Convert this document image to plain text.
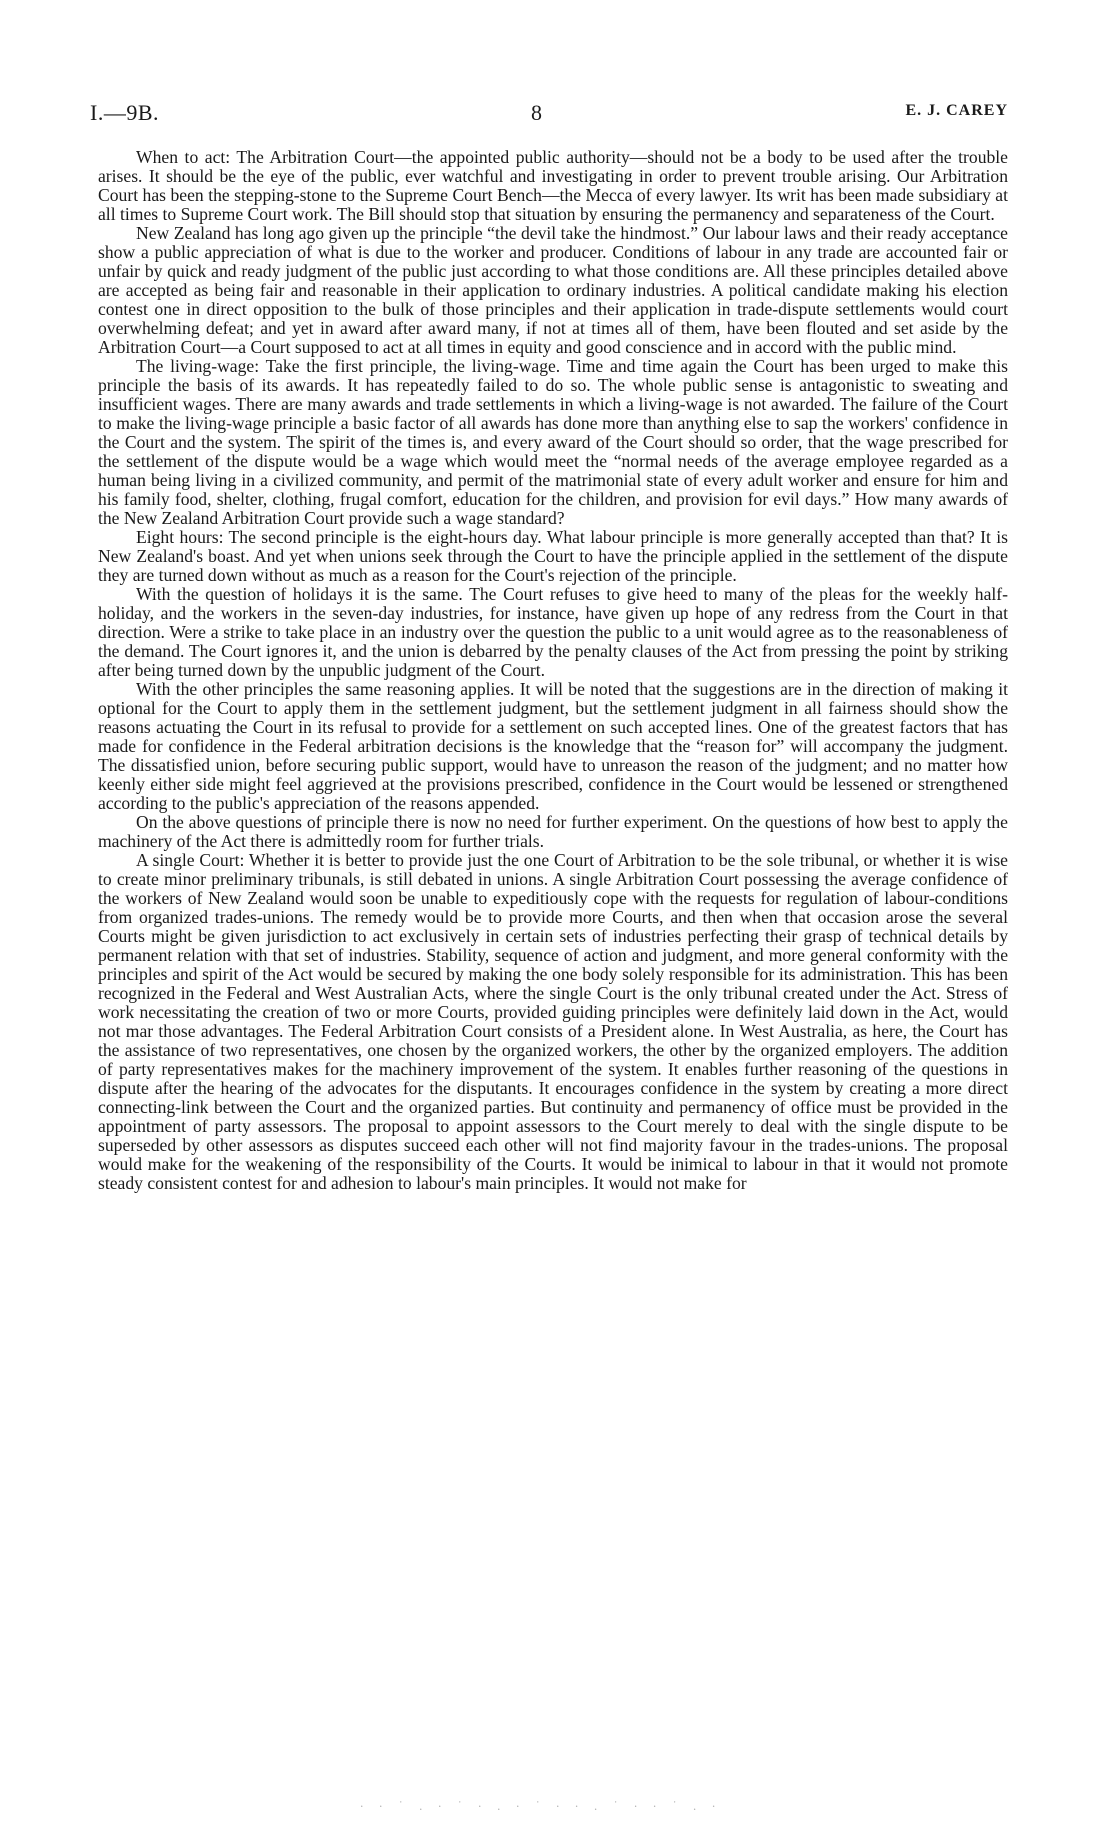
I.—9B.	8	E. J. CAREY

When to act: The Arbitration Court—the appointed public authority—should not be a body to be used after the trouble arises. It should be the eye of the public, ever watchful and investigating in order to prevent trouble arising. Our Arbitration Court has been the stepping-stone to the Supreme Court Bench—the Mecca of every lawyer. Its writ has been made subsidiary at all times to Supreme Court work. The Bill should stop that situation by ensuring the permanency and separateness of the Court.

New Zealand has long ago given up the principle “the devil take the hindmost.” Our labour laws and their ready acceptance show a public appreciation of what is due to the worker and producer. Conditions of labour in any trade are accounted fair or unfair by quick and ready judgment of the public just according to what those conditions are. All these principles detailed above are accepted as being fair and reasonable in their application to ordinary industries. A political candidate making his election contest one in direct opposition to the bulk of those principles and their application in trade-dispute settlements would court overwhelming defeat; and yet in award after award many, if not at times all of them, have been flouted and set aside by the Arbitration Court—a Court supposed to act at all times in equity and good conscience and in accord with the public mind.

The living-wage: Take the first principle, the living-wage. Time and time again the Court has been urged to make this principle the basis of its awards. It has repeatedly failed to do so. The whole public sense is antagonistic to sweating and insufficient wages. There are many awards and trade settlements in which a living-wage is not awarded. The failure of the Court to make the living-wage principle a basic factor of all awards has done more than anything else to sap the workers' confidence in the Court and the system. The spirit of the times is, and every award of the Court should so order, that the wage prescribed for the settlement of the dispute would be a wage which would meet the “normal needs of the average employee regarded as a human being living in a civilized community, and permit of the matrimonial state of every adult worker and ensure for him and his family food, shelter, clothing, frugal comfort, education for the children, and provision for evil days.” How many awards of the New Zealand Arbitration Court provide such a wage standard?

Eight hours: The second principle is the eight-hours day. What labour principle is more generally accepted than that? It is New Zealand's boast. And yet when unions seek through the Court to have the principle applied in the settlement of the dispute they are turned down without as much as a reason for the Court's rejection of the principle.

With the question of holidays it is the same. The Court refuses to give heed to many of the pleas for the weekly half-holiday, and the workers in the seven-day industries, for instance, have given up hope of any redress from the Court in that direction. Were a strike to take place in an industry over the question the public to a unit would agree as to the reasonableness of the demand. The Court ignores it, and the union is debarred by the penalty clauses of the Act from pressing the point by striking after being turned down by the unpublic judgment of the Court.

With the other principles the same reasoning applies. It will be noted that the suggestions are in the direction of making it optional for the Court to apply them in the settlement judgment, but the settlement judgment in all fairness should show the reasons actuating the Court in its refusal to provide for a settlement on such accepted lines. One of the greatest factors that has made for confidence in the Federal arbitration decisions is the knowledge that the “reason for” will accompany the judgment. The dissatisfied union, before securing public support, would have to unreason the reason of the judgment; and no matter how keenly either side might feel aggrieved at the provisions prescribed, confidence in the Court would be lessened or strengthened according to the public's appreciation of the reasons appended.

On the above questions of principle there is now no need for further experiment. On the questions of how best to apply the machinery of the Act there is admittedly room for further trials.

A single Court: Whether it is better to provide just the one Court of Arbitration to be the sole tribunal, or whether it is wise to create minor preliminary tribunals, is still debated in unions. A single Arbitration Court possessing the average confidence of the workers of New Zealand would soon be unable to expeditiously cope with the requests for regulation of labour-conditions from organized trades-unions. The remedy would be to provide more Courts, and then when that occasion arose the several Courts might be given jurisdiction to act exclusively in certain sets of industries perfecting their grasp of technical details by permanent relation with that set of industries. Stability, sequence of action and judgment, and more general conformity with the principles and spirit of the Act would be secured by making the one body solely responsible for its administration. This has been recognized in the Federal and West Australian Acts, where the single Court is the only tribunal created under the Act. Stress of work necessitating the creation of two or more Courts, provided guiding principles were definitely laid down in the Act, would not mar those advantages. The Federal Arbitration Court consists of a President alone. In West Australia, as here, the Court has the assistance of two representatives, one chosen by the organized workers, the other by the organized employers. The addition of party representatives makes for the machinery improvement of the system. It enables further reasoning of the questions in dispute after the hearing of the advocates for the disputants. It encourages confidence in the system by creating a more direct connecting-link between the Court and the organized parties. But continuity and permanency of office must be provided in the appointment of party assessors. The proposal to appoint assessors to the Court merely to deal with the single dispute to be superseded by other assessors as disputes succeed each other will not find majority favour in the trades-unions. The proposal would make for the weakening of the responsibility of the Courts. It would be inimical to labour in that it would not promote steady consistent contest for and adhesion to labour's main principles. It would not make for

· · ˙ . · ˙ · . · ˙ · · . ˙ · · ˙ . ·
